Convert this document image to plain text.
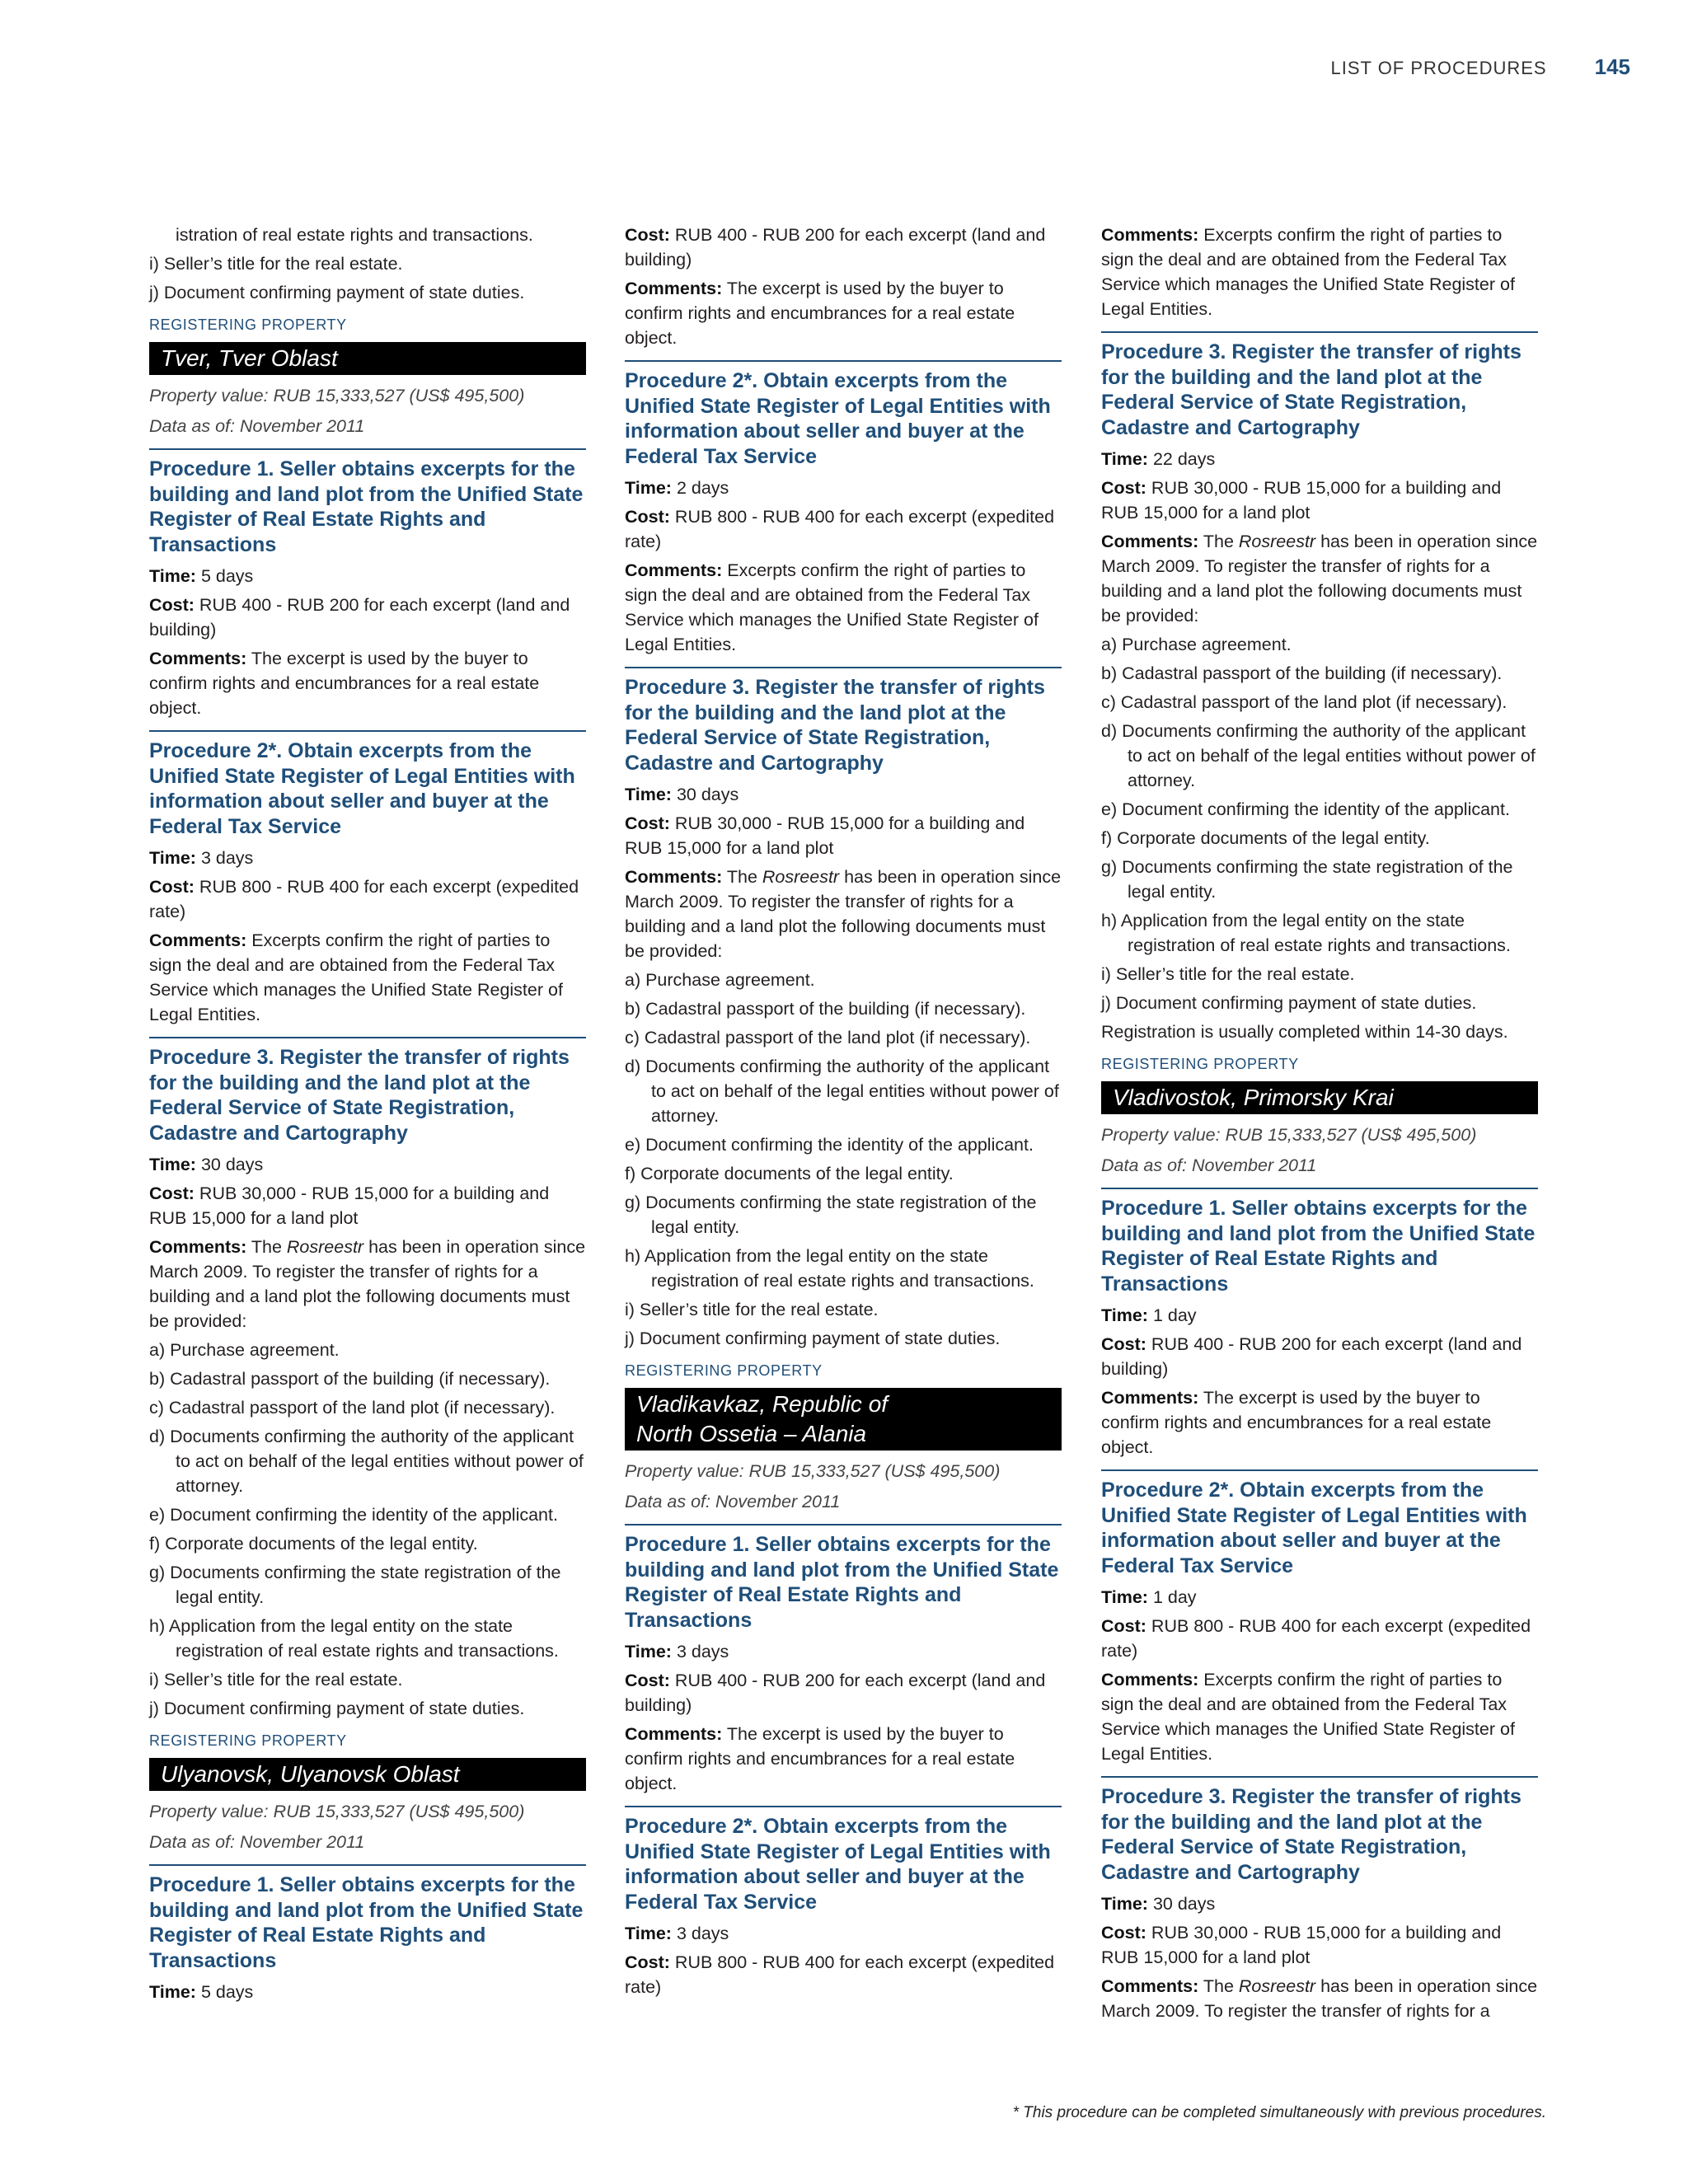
LIST OF PROCEDURES 145
istration of real estate rights and transactions.
i) Seller’s title for the real estate.
j) Document confirming payment of state duties.
REGISTERING PROPERTY
Tver, Tver Oblast
Property value: RUB 15,333,527 (US$ 495,500)
Data as of: November 2011
Procedure 1. Seller obtains excerpts for the building and land plot from the Unified State Register of Real Estate Rights and Transactions

Time: 5 days

Cost: RUB 400 - RUB 200 for each excerpt (land and building)

Comments: The excerpt is used by the buyer to confirm rights and encumbrances for a real estate object.

Procedure 2*. Obtain excerpts from the Unified State Register of Legal Entities with information about seller and buyer at the Federal Tax Service

Time: 3 days

Cost: RUB 800 - RUB 400 for each excerpt (expedited rate)

Comments: Excerpts confirm the right of parties to sign the deal and are obtained from the Federal Tax Service which manages the Unified State Register of Legal Entities.

Procedure 3. Register the transfer of rights for the building and the land plot at the Federal Service of State Registration, Cadastre and Cartography

Time: 30 days

Cost: RUB 30,000 - RUB 15,000 for a building and RUB 15,000 for a land plot

Comments: The Rosreestr has been in operation since March 2009. To register the transfer of rights for a building and a land plot the following documents must be provided:

a) Purchase agreement.
b) Cadastral passport of the building (if necessary).
c) Cadastral passport of the land plot (if necessary).
d) Documents confirming the authority of the applicant to act on behalf of the legal entities without power of attorney.
e) Document confirming the identity of the applicant.
f) Corporate documents of the legal entity.
g) Documents confirming the state registration of the legal entity.
h) Application from the legal entity on the state registration of real estate rights and transactions.
i) Seller’s title for the real estate.
j) Document confirming payment of state duties.
REGISTERING PROPERTY
Ulyanovsk, Ulyanovsk Oblast
Property value: RUB 15,333,527 (US$ 495,500)
Data as of: November 2011
Procedure 1. Seller obtains excerpts for the building and land plot from the Unified State Register of Real Estate Rights and Transactions

Time: 5 days

Cost: RUB 400 - RUB 200 for each excerpt (land and building)

Comments: The excerpt is used by the buyer to confirm rights and encumbrances for a real estate object.

Procedure 2*. Obtain excerpts from the Unified State Register of Legal Entities with information about seller and buyer at the Federal Tax Service

Time: 2 days

Cost: RUB 800 - RUB 400 for each excerpt (expedited rate)

Comments: Excerpts confirm the right of parties to sign the deal and are obtained from the Federal Tax Service which manages the Unified State Register of Legal Entities.

Procedure 3. Register the transfer of rights for the building and the land plot at the Federal Service of State Registration, Cadastre and Cartography

Time: 30 days

Cost: RUB 30,000 - RUB 15,000 for a building and RUB 15,000 for a land plot

Comments: The Rosreestr has been in operation since March 2009. To register the transfer of rights for a building and a land plot the following documents must be provided:

a) Purchase agreement.
b) Cadastral passport of the building (if necessary).
c) Cadastral passport of the land plot (if necessary).
d) Documents confirming the authority of the applicant to act on behalf of the legal entities without power of attorney.
e) Document confirming the identity of the applicant.
f) Corporate documents of the legal entity.
g) Documents confirming the state registration of the legal entity.
h) Application from the legal entity on the state registration of real estate rights and transactions.
i) Seller’s title for the real estate.
j) Document confirming payment of state duties.
REGISTERING PROPERTY
Vladikavkaz, Republic of
North Ossetia – Alania
Property value: RUB 15,333,527 (US$ 495,500)
Data as of: November 2011
Procedure 1. Seller obtains excerpts for the building and land plot from the Unified State Register of Real Estate Rights and Transactions

Time: 3 days

Cost: RUB 400 - RUB 200 for each excerpt (land and building)

Comments: The excerpt is used by the buyer to confirm rights and encumbrances for a real estate object.

Procedure 2*. Obtain excerpts from the Unified State Register of Legal Entities with information about seller and buyer at the Federal Tax Service

Time: 3 days

Cost: RUB 800 - RUB 400 for each excerpt (expedited rate)

Comments: Excerpts confirm the right of parties to sign the deal and are obtained from the Federal Tax Service which manages the Unified State Register of Legal Entities.

Procedure 3. Register the transfer of rights for the building and the land plot at the Federal Service of State Registration, Cadastre and Cartography

Time: 22 days

Cost: RUB 30,000 - RUB 15,000 for a building and RUB 15,000 for a land plot

Comments: The Rosreestr has been in operation since March 2009. To register the transfer of rights for a building and a land plot the following documents must be provided:

a) Purchase agreement.
b) Cadastral passport of the building (if necessary).
c) Cadastral passport of the land plot (if necessary).
d) Documents confirming the authority of the applicant to act on behalf of the legal entities without power of attorney.
e) Document confirming the identity of the applicant.
f) Corporate documents of the legal entity.
g) Documents confirming the state registration of the legal entity.
h) Application from the legal entity on the state registration of real estate rights and transactions.
i) Seller’s title for the real estate.
j) Document confirming payment of state duties.

Registration is usually completed within 14-30 days.

REGISTERING PROPERTY
Vladivostok, Primorsky Krai
Property value: RUB 15,333,527 (US$ 495,500)
Data as of: November 2011
Procedure 1. Seller obtains excerpts for the building and land plot from the Unified State Register of Real Estate Rights and Transactions

Time: 1 day

Cost: RUB 400 - RUB 200 for each excerpt (land and building)

Comments: The excerpt is used by the buyer to confirm rights and encumbrances for a real estate object.

Procedure 2*. Obtain excerpts from the Unified State Register of Legal Entities with information about seller and buyer at the Federal Tax Service

Time: 1 day

Cost: RUB 800 - RUB 400 for each excerpt (expedited rate)

Comments: Excerpts confirm the right of parties to sign the deal and are obtained from the Federal Tax Service which manages the Unified State Register of Legal Entities.

Procedure 3. Register the transfer of rights for the building and the land plot at the Federal Service of State Registration, Cadastre and Cartography

Time: 30 days

Cost: RUB 30,000 - RUB 15,000 for a building and RUB 15,000 for a land plot

Comments: The Rosreestr has been in operation since March 2009. To register the transfer of rights for a

* This procedure can be completed simultaneously with previous procedures.
